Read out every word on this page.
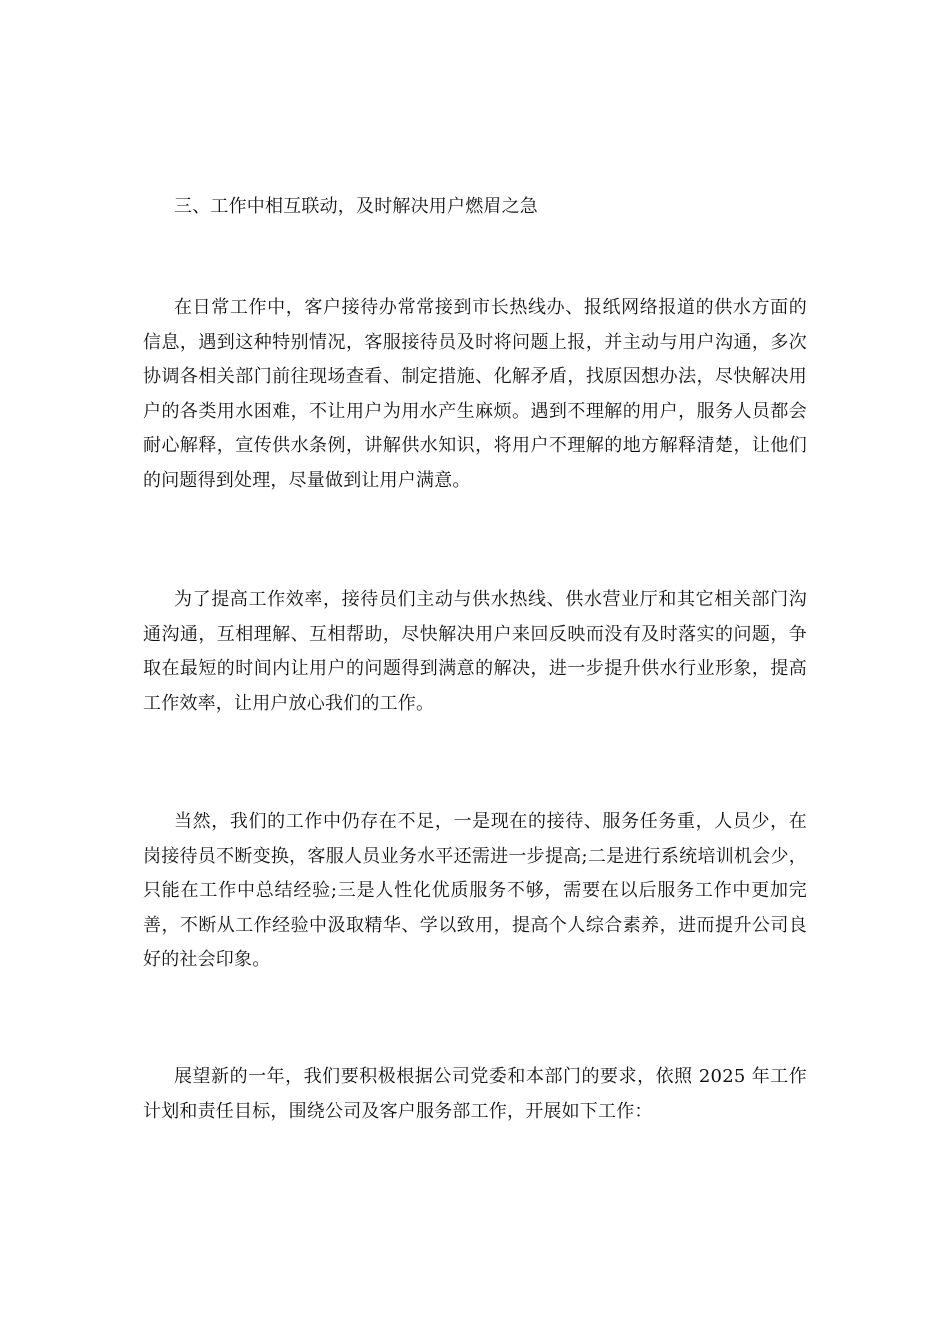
三、工作中相互联动，及时解决用户燃眉之急
在日常工作中，客户接待办常常接到市长热线办、报纸网络报道的供水方面的信息，遇到这种特别情况，客服接待员及时将问题上报，并主动与用户沟通，多次协调各相关部门前往现场查看、制定措施、化解矛盾，找原因想办法，尽快解决用户的各类用水困难，不让用户为用水产生麻烦。遇到不理解的用户，服务人员都会耐心解释，宣传供水条例，讲解供水知识，将用户不理解的地方解释清楚，让他们的问题得到处理，尽量做到让用户满意。
为了提高工作效率，接待员们主动与供水热线、供水营业厅和其它相关部门沟通沟通，互相理解、互相帮助，尽快解决用户来回反映而没有及时落实的问题，争取在最短的时间内让用户的问题得到满意的解决，进一步提升供水行业形象，提高工作效率，让用户放心我们的工作。
当然，我们的工作中仍存在不足，一是现在的接待、服务任务重，人员少，在岗接待员不断变换，客服人员业务水平还需进一步提高;二是进行系统培训机会少，只能在工作中总结经验;三是人性化优质服务不够，需要在以后服务工作中更加完善，不断从工作经验中汲取精华、学以致用，提高个人综合素养，进而提升公司良好的社会印象。
展望新的一年，我们要积极根据公司党委和本部门的要求，依照 2025 年工作计划和责任目标，围绕公司及客户服务部工作，开展如下工作：
